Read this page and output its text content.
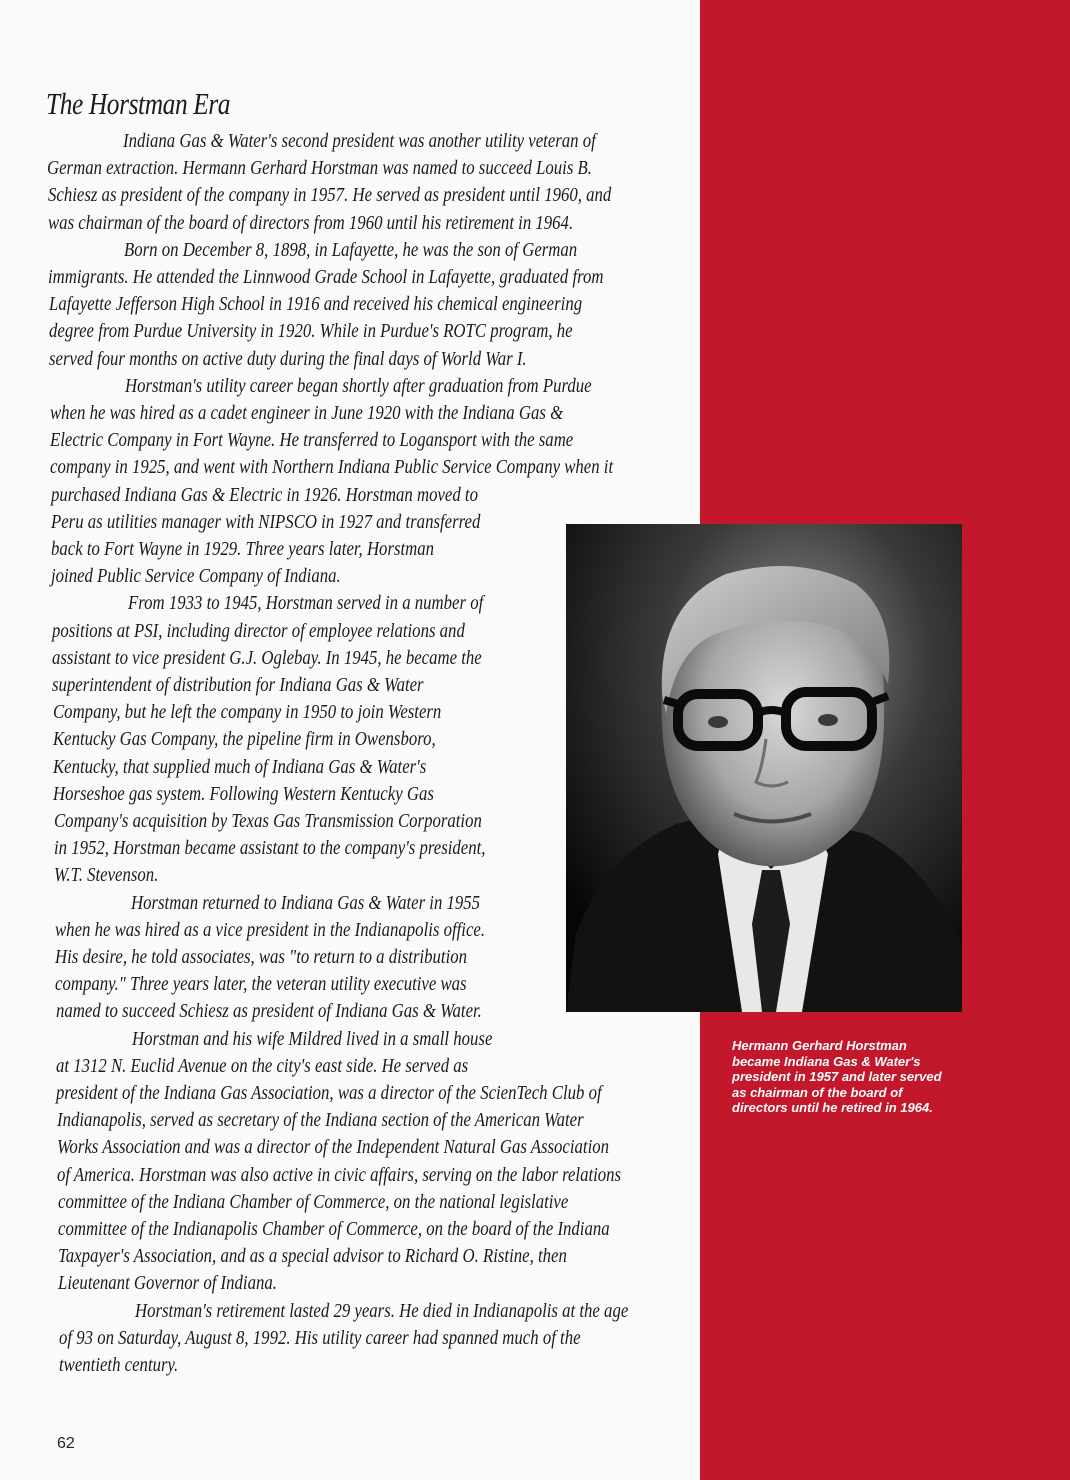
The Horstman Era
Indiana Gas & Water's second president was another utility veteran of
German extraction. Hermann Gerhard Horstman was named to succeed Louis B.
Schiesz as president of the company in 1957. He served as president until 1960, and
was chairman of the board of directors from 1960 until his retirement in 1964.
Born on December 8, 1898, in Lafayette, he was the son of German
immigrants. He attended the Linnwood Grade School in Lafayette, graduated from
Lafayette Jefferson High School in 1916 and received his chemical engineering
degree from Purdue University in 1920. While in Purdue's ROTC program, he
served four months on active duty during the final days of World War I.
Horstman's utility career began shortly after graduation from Purdue
when he was hired as a cadet engineer in June 1920 with the Indiana Gas &
Electric Company in Fort Wayne. He transferred to Logansport with the same
company in 1925, and went with Northern Indiana Public Service Company when it
purchased Indiana Gas & Electric in 1926. Horstman moved to
Peru as utilities manager with NIPSCO in 1927 and transferred
back to Fort Wayne in 1929. Three years later, Horstman
joined Public Service Company of Indiana.
From 1933 to 1945, Horstman served in a number of
positions at PSI, including director of employee relations and
assistant to vice president G.J. Oglebay. In 1945, he became the
superintendent of distribution for Indiana Gas & Water
Company, but he left the company in 1950 to join Western
Kentucky Gas Company, the pipeline firm in Owensboro,
Kentucky, that supplied much of Indiana Gas & Water's
Horseshoe gas system. Following Western Kentucky Gas
Company's acquisition by Texas Gas Transmission Corporation
in 1952, Horstman became assistant to the company's president,
W.T. Stevenson.
Horstman returned to Indiana Gas & Water in 1955
when he was hired as a vice president in the Indianapolis office.
His desire, he told associates, was "to return to a distribution
company." Three years later, the veteran utility executive was
named to succeed Schiesz as president of Indiana Gas & Water.
Horstman and his wife Mildred lived in a small house
at 1312 N. Euclid Avenue on the city's east side. He served as
president of the Indiana Gas Association, was a director of the ScienTech Club of
Indianapolis, served as secretary of the Indiana section of the American Water
Works Association and was a director of the Independent Natural Gas Association
of America. Horstman was also active in civic affairs, serving on the labor relations
committee of the Indiana Chamber of Commerce, on the national legislative
committee of the Indianapolis Chamber of Commerce, on the board of the Indiana
Taxpayer's Association, and as a special advisor to Richard O. Ristine, then
Lieutenant Governor of Indiana.
Horstman's retirement lasted 29 years. He died in Indianapolis at the age
of 93 on Saturday, August 8, 1992. His utility career had spanned much of the
twentieth century.
Hermann Gerhard Horstman became Indiana Gas & Water's president in 1957 and later served as chairman of the board of directors until he retired in 1964.
62
